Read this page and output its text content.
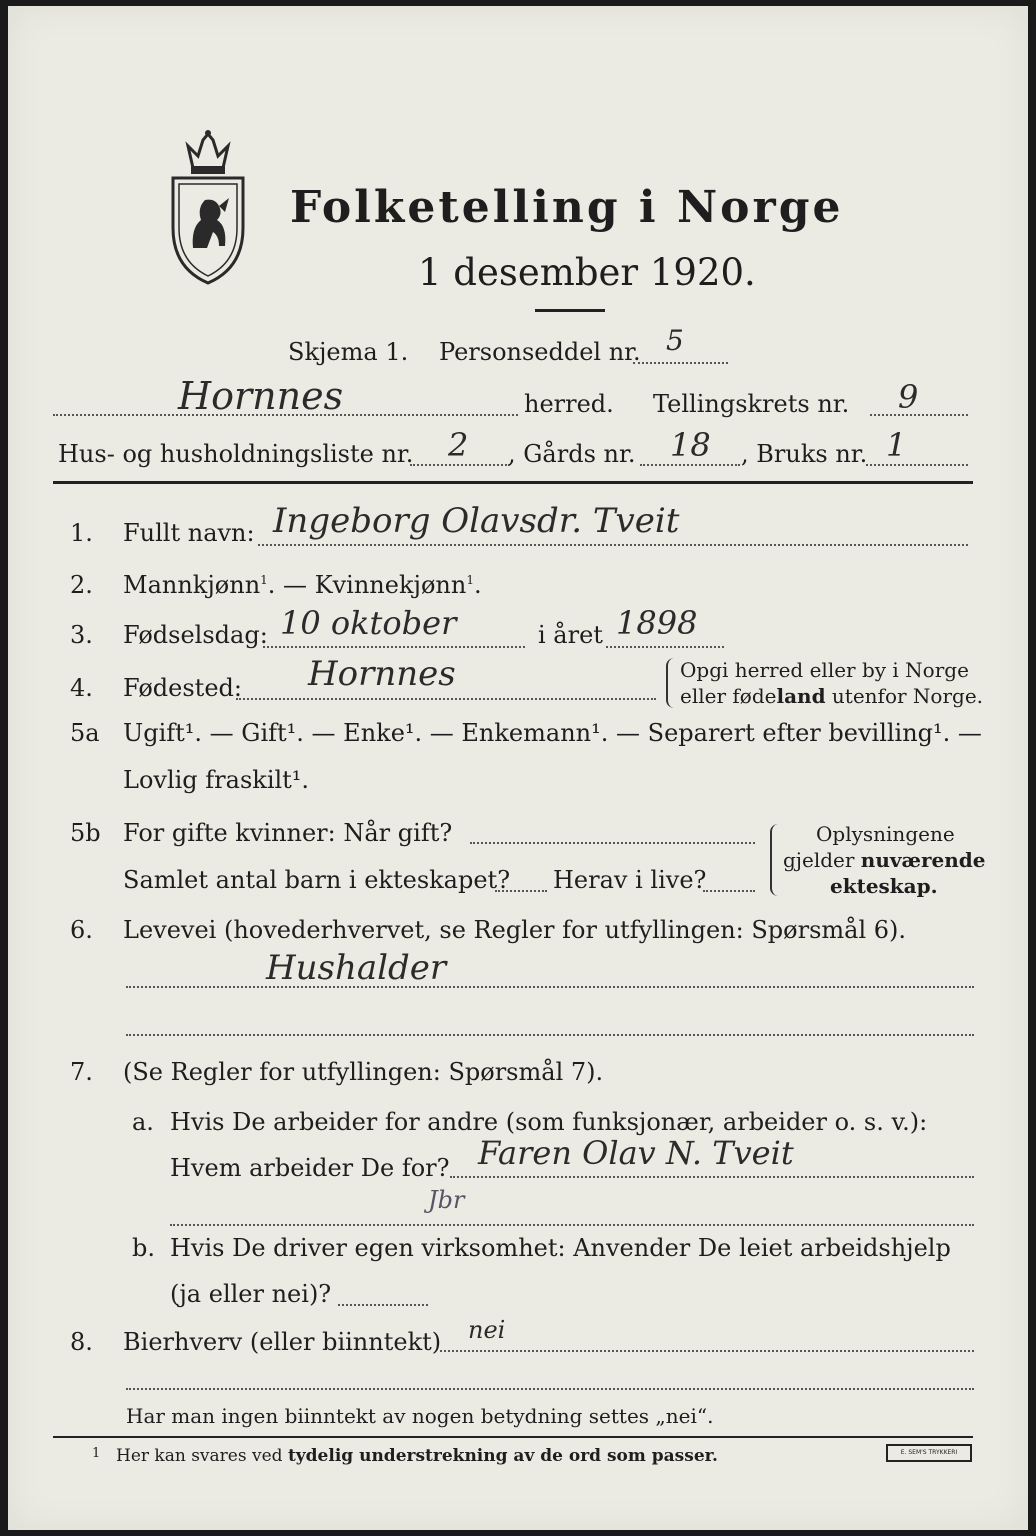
Folketelling i Norge
1 desember 1920.
Skjema 1. Personseddel nr. 5
Hornnes	herred. Tellingskrets nr. 9
Hus- og husholdningsliste nr. 2 , Gårds nr. 18 , Bruks nr. 1
1. Fullt navn: Ingeborg Olavsdr. Tveit
2. Mannkjønn$^1$. — Kvinnekjønn$^1$.
3. Fødselsdag: 10 oktober	i året 1898
4. Fødested: Hornnes	Opgi herred eller by i Norge
eller fødeland utenfor Norge.
5a Ugift¹. — Gift¹. — Enke¹. — Enkemann¹. — Separert efter bevilling¹. —
Lovlig fraskilt¹.
5b For gifte kvinner: Når gift?
Samlet antal barn i ekteskapet? Herav i live?
Oplysningene
gjelder nuværende
ekteskap.
6. Levevei (hovederhvervet, se Regler for utfyllingen: Spørsmål 6).
Hushalder
7. (Se Regler for utfyllingen: Spørsmål 7).
a. Hvis De arbeider for andre (som funksjonær, arbeider o. s. v.):
Hvem arbeider De for? Faren Olav N. Tveit
Jbr
b. Hvis De driver egen virksomhet: Anvender De leiet arbeidshjelp
(ja eller nei)?
8. Bierhverv (eller biinntekt) nei
Har man ingen biinntekt av nogen betydning settes „nei“.
1 Her kan svares ved tydelig understrekning av de ord som passer.	E. SEM'S TRYKKERI
